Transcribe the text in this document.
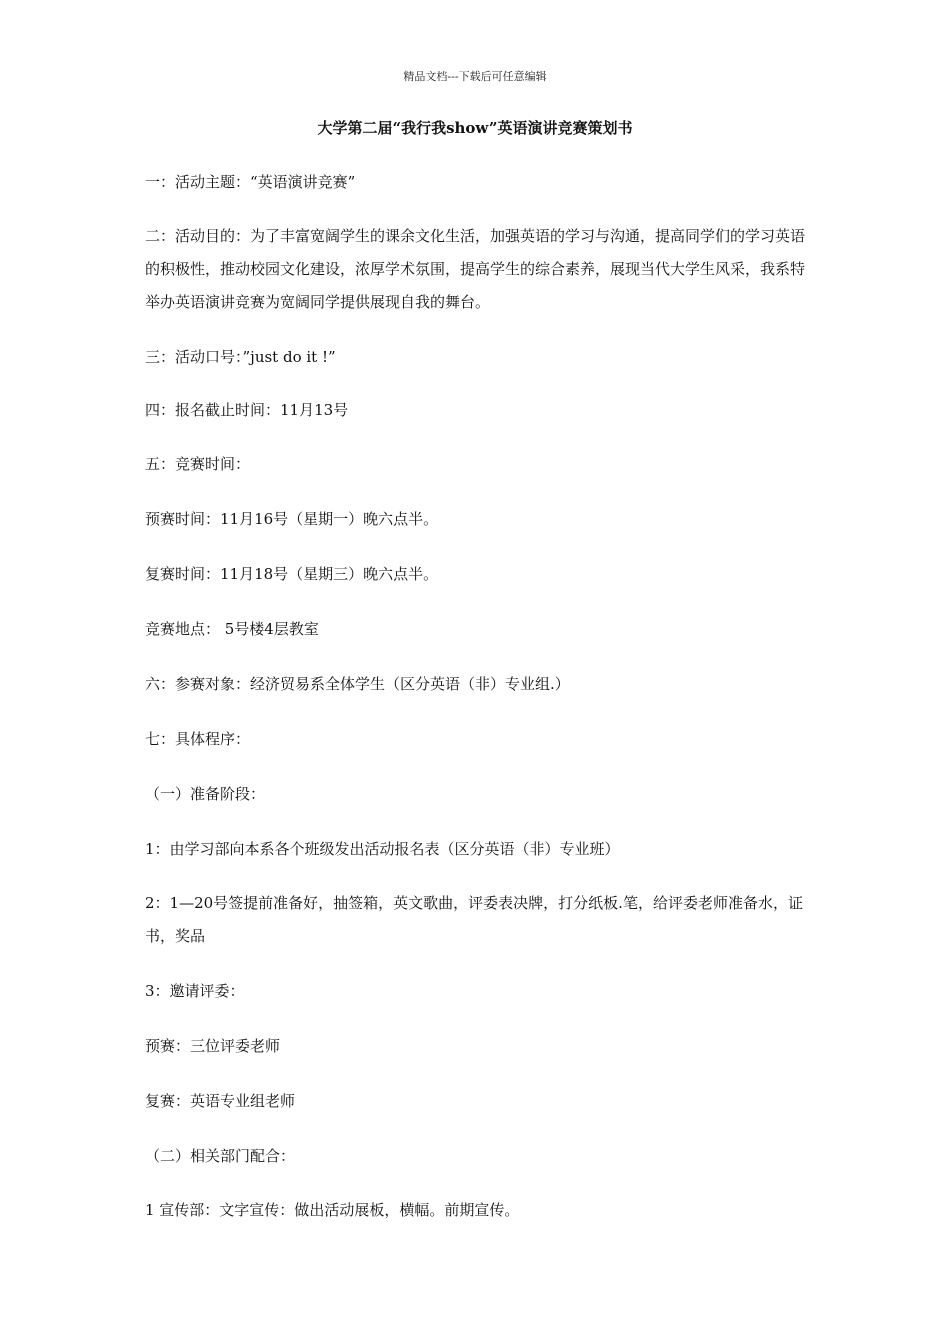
精品文档---下载后可任意编辑
大学第二届“我行我show”英语演讲竞赛策划书

一：活动主题：“英语演讲竞赛”

二：活动目的：为了丰富宽阔学生的课余文化生活，加强英语的学习与沟通，提高同学们的学习英语的积极性，推动校园文化建设，浓厚学术氛围，提高学生的综合素养，展现当代大学生风采，我系特举办英语演讲竞赛为宽阔同学提供展现自我的舞台。

三：活动口号：”just do it !”

四：报名截止时间：11月13号

五：竞赛时间：

预赛时间：11月16号（星期一）晚六点半。

复赛时间：11月18号（星期三）晚六点半。

竞赛地点： 5号楼4层教室

六：参赛对象：经济贸易系全体学生（区分英语（非）专业组.）

七：具体程序：

（一）准备阶段：

1：由学习部向本系各个班级发出活动报名表（区分英语（非）专业班）

2：1—20号签提前准备好，抽签箱，英文歌曲，评委表决牌，打分纸板.笔，给评委老师准备水，证书，奖品

3：邀请评委：

预赛：三位评委老师

复赛：英语专业组老师

（二）相关部门配合：

1 宣传部：文字宣传：做出活动展板，横幅。前期宣传。
